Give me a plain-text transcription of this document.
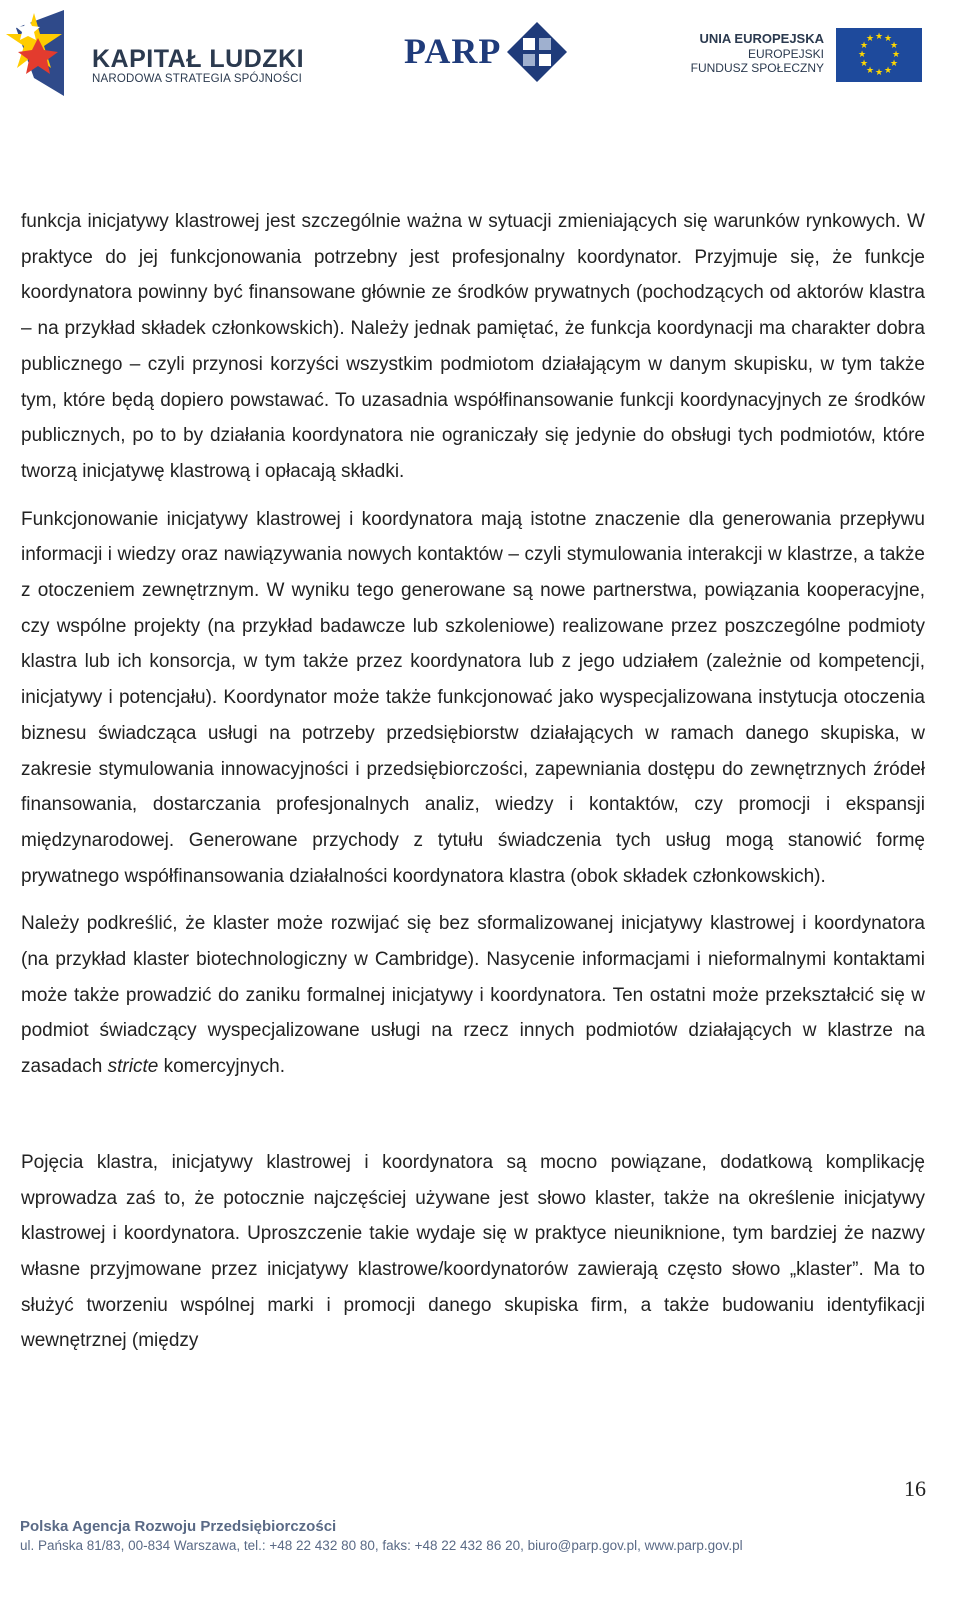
KAPITAŁ LUDZKI
NARODOWA STRATEGIA SPÓJNOŚCI
PARP	UNIA EUROPEJSKA
EUROPEJSKI
FUNDUSZ SPOŁECZNY
★ ★
★
★
★
★
★
★
★
★
★
★

funkcja inicjatywy klastrowej jest szczególnie ważna w sytuacji zmieniających się warunków rynkowych. W praktyce do jej funkcjonowania potrzebny jest profesjonalny koordynator. Przyjmuje się, że funkcje koordynatora powinny być finansowane głównie ze środków prywatnych (pochodzących od aktorów klastra – na przykład składek członkowskich). Należy jednak pamiętać, że funkcja koordynacji ma charakter dobra publicznego – czyli przynosi korzyści wszystkim podmiotom działającym w danym skupisku, w tym także tym, które będą dopiero powstawać. To uzasadnia współfinansowanie funkcji koordynacyjnych ze środków publicznych, po to by działania koordynatora nie ograniczały się jedynie do obsługi tych podmiotów, które tworzą inicjatywę klastrową i opłacają składki.

Funkcjonowanie inicjatywy klastrowej i koordynatora mają istotne znaczenie dla generowania przepływu informacji i wiedzy oraz nawiązywania nowych kontaktów – czyli stymulowania interakcji w klastrze, a także z otoczeniem zewnętrznym. W wyniku tego generowane są nowe partnerstwa, powiązania kooperacyjne, czy wspólne projekty (na przykład badawcze lub szkoleniowe) realizowane przez poszczególne podmioty klastra lub ich konsorcja, w tym także przez koordynatora lub z jego udziałem (zależnie od kompetencji, inicjatywy i potencjału). Koordynator może także funkcjonować jako wyspecjalizowana instytucja otoczenia biznesu świadcząca usługi na potrzeby przedsiębiorstw działających w ramach danego skupiska, w zakresie stymulowania innowacyjności i przedsiębiorczości, zapewniania dostępu do zewnętrznych źródeł finansowania, dostarczania profesjonalnych analiz, wiedzy i kontaktów, czy promocji i ekspansji międzynarodowej. Generowane przychody z tytułu świadczenia tych usług mogą stanowić formę prywatnego współfinansowania działalności koordynatora klastra (obok składek członkowskich).

Należy podkreślić, że klaster może rozwijać się bez sformalizowanej inicjatywy klastrowej i koordynatora (na przykład klaster biotechnologiczny w Cambridge). Nasycenie informacjami i nieformalnymi kontaktami może także prowadzić do zaniku formalnej inicjatywy i koordynatora. Ten ostatni może przekształcić się w podmiot świadczący wyspecjalizowane usługi na rzecz innych podmiotów działających w klastrze na zasadach stricte komercyjnych.

Pojęcia klastra, inicjatywy klastrowej i koordynatora są mocno powiązane, dodatkową komplikację wprowadza zaś to, że potocznie najczęściej używane jest słowo klaster, także na określenie inicjatywy klastrowej i koordynatora. Uproszczenie takie wydaje się w praktyce nieuniknione, tym bardziej że nazwy własne przyjmowane przez inicjatywy klastrowe/koordynatorów zawierają często słowo „klaster”. Ma to służyć tworzeniu wspólnej marki i promocji danego skupiska firm, a także budowaniu identyfikacji wewnętrznej (między

16
Polska Agencja Rozwoju Przedsiębiorczości
ul. Pańska 81/83, 00-834 Warszawa, tel.: +48 22 432 80 80, faks: +48 22 432 86 20, biuro@parp.gov.pl, www.parp.gov.pl
